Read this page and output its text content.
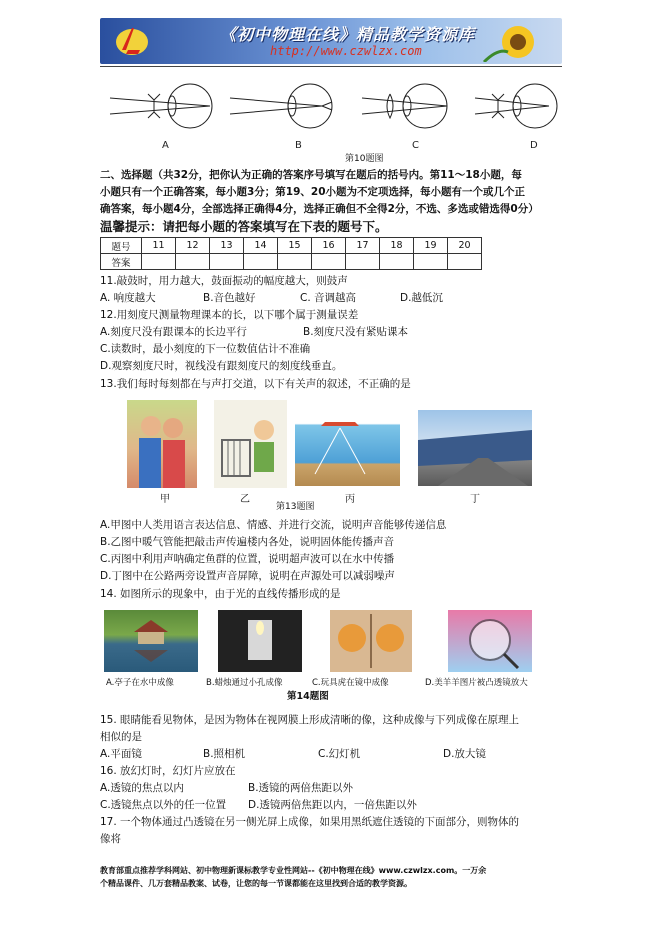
《初中物理在线》精品教学资源库
http://www.czwlzx.com
A	B	C	D
第10题图
二、选择题（共32分，把你认为正确的答案序号填写在题后的括号内。第11～18小题，每
小题只有一个正确答案，每小题3分；第19、20小题为不定项选择，每小题有一个或几个正
确答案，每小题4分，全部选择正确得4分，选择正确但不全得2分，不选、多选或错选得0分）
温馨提示：请把每小题的答案填写在下表的题号下。
题号	11	12	13	14	15	16	17	18	19	20
答案										
11.敲鼓时，用力越大，鼓面振动的幅度越大，则鼓声
A. 响度越大	B.音色越好	C. 音调越高	D.越低沉
12.用刻度尺测量物理课本的长，以下哪个属于测量误差
A.刻度尺没有跟课本的长边平行	B.刻度尺没有紧贴课本
C.读数时，最小刻度的下一位数值估计不准确
D.观察刻度尺时，视线没有跟刻度尺的刻度线垂直。
13.我们每时每刻都在与声打交道，以下有关声的叙述，不正确的是
甲	乙	丙	丁
第13题图
A.甲图中人类用语言表达信息、情感、并进行交流，说明声音能够传递信息
B.乙图中暖气管能把敲击声传遍楼内各处，说明固体能传播声音
C.丙图中利用声呐确定鱼群的位置，说明超声波可以在水中传播
D.丁图中在公路两旁设置声音屏障，说明在声源处可以减弱噪声
14. 如图所示的现象中，由于光的直线传播形成的是
A.亭子在水中成像	B.蜡烛通过小孔成像	C.玩具虎在镜中成像	D.美羊羊图片被凸透镜放大
第14题图
15. 眼睛能看见物体，是因为物体在视网膜上形成清晰的像，这种成像与下列成像在原理上
相似的是
A.平面镜	B.照相机	C.幻灯机	D.放大镜
16. 放幻灯时，幻灯片应放在
A.透镜的焦点以内	B.透镜的两倍焦距以外
C.透镜焦点以外的任一位置 D.透镜两倍焦距以内，一倍焦距以外
17. 一个物体通过凸透镜在另一侧光屏上成像，如果用黑纸遮住透镜的下面部分，则物体的
像将
教育部重点推荐学科网站、初中物理新课标教学专业性网站--《初中物理在线》www.czwlzx.com。一万余
个精品课件、几万套精品教案、试卷，让您的每一节课都能在这里找到合适的教学资源。
